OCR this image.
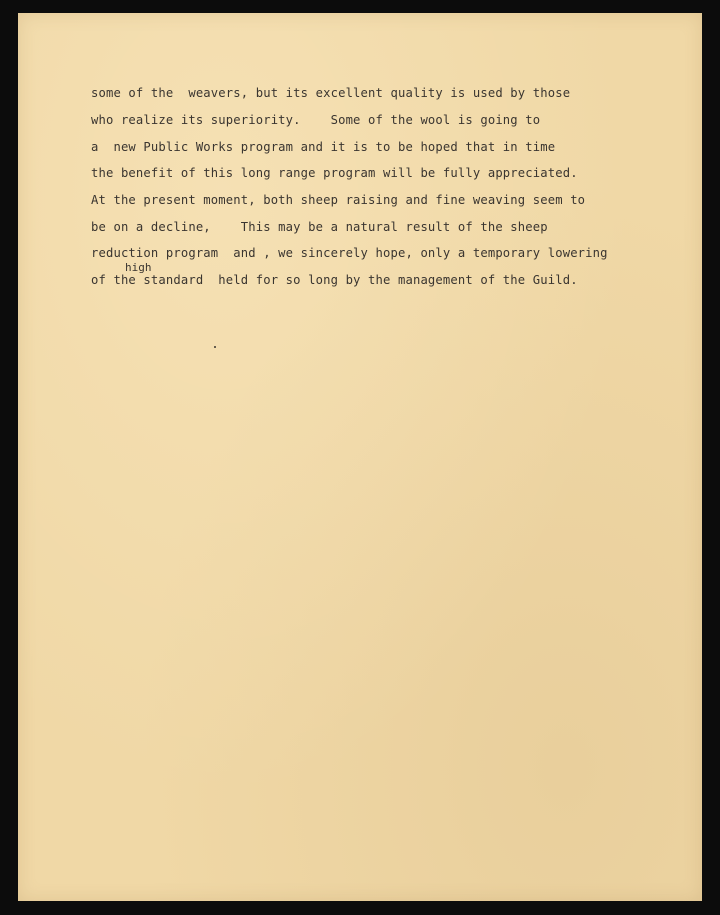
some of the  weavers, but its excellent quality is used by those

who realize its superiority.    Some of the wool is going to

a  new Public Works program and it is to be hoped that in time

the benefit of this long range program will be fully appreciated.

At the present moment, both sheep raising and fine weaving seem to

be on a decline,    This may be a natural result of the sheep

reduction program  and , we sincerely hope, only a temporary lowering

high

of the standard  held for so long by the management of the Guild.
